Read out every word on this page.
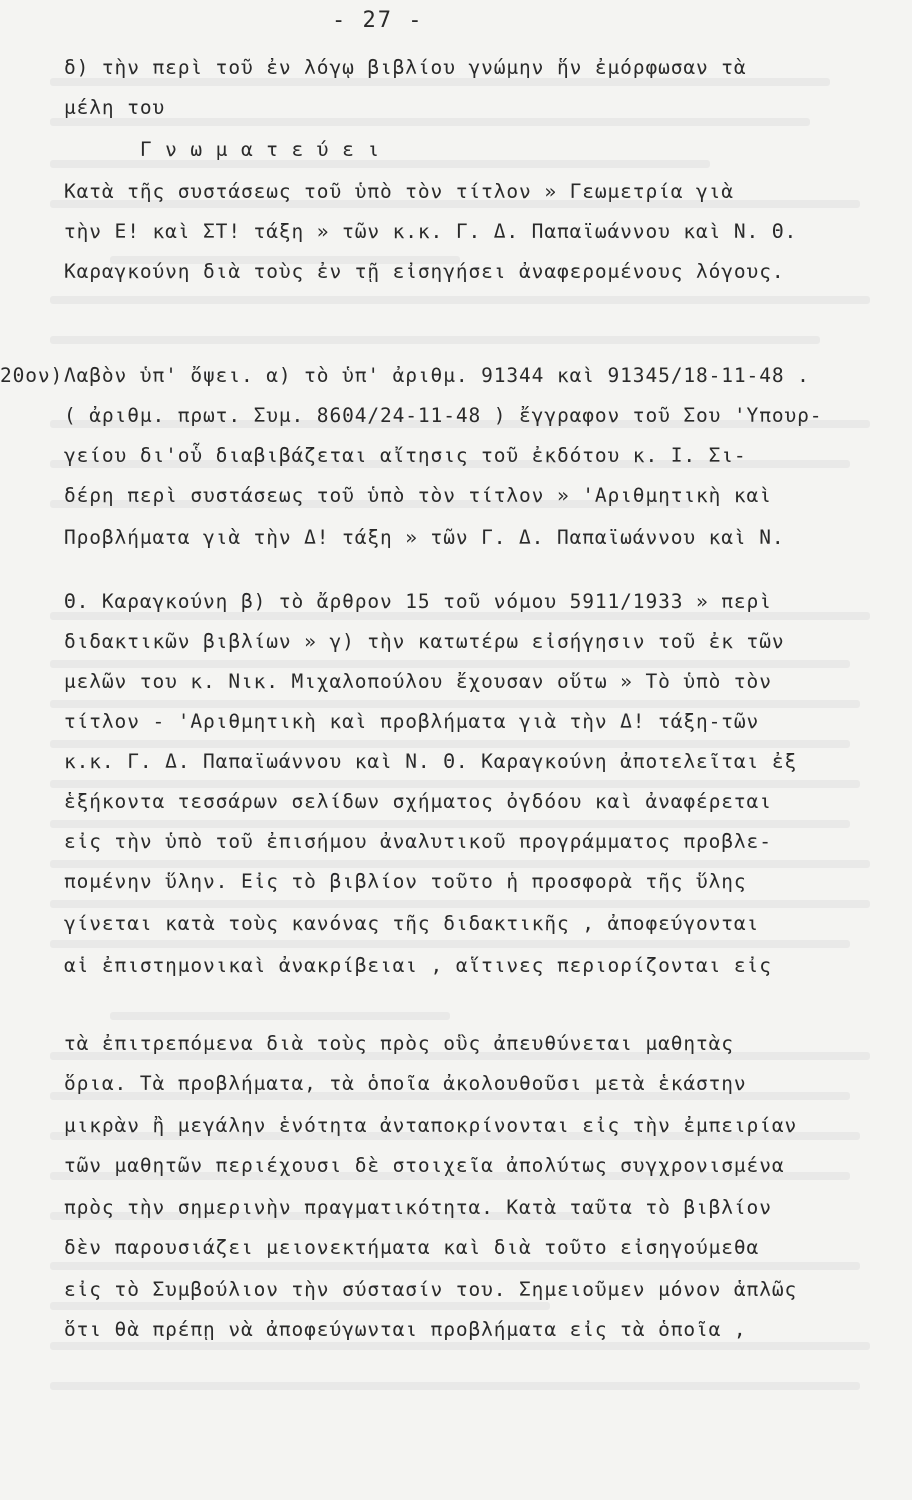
- 27 -
20ον)
δ) τὴν περὶ τοῦ ἐν λόγῳ βιβλίου γνώμην ἥν ἐμόρφωσαν τὰ
μέλη του
Γ ν ω μ α τ ε ύ ε ι
Κατὰ τῆς συστάσεως τοῦ ὑπὸ τὸν τίτλον » Γεωμετρία γιὰ
τὴν Ε! καὶ ΣΤ! τάξη » τῶν κ.κ. Γ. Δ. Παπαϊωάννου καὶ Ν. Θ.
Καραγκούνη διὰ τοὺς ἐν τῇ εἰσηγήσει ἀναφερομένους λόγους.
Λαβὸν ὑπ' ὄψει. α) τὸ ὑπ' ἀριθμ. 91344 καὶ 91345/18-11-48 .
( ἀριθμ. πρωτ. Συμ. 8604/24-11-48 ) ἔγγραφον τοῦ Σου 'Υπουρ-
γείου δι'οὗ διαβιβάζεται αἴτησις τοῦ ἐκδότου κ. Ι. Σι-
δέρη περὶ συστάσεως τοῦ ὑπὸ τὸν τίτλον » 'Αριθμητικὴ καὶ
Προβλήματα γιὰ τὴν Δ! τάξη » τῶν Γ. Δ. Παπαϊωάννου καὶ Ν.
Θ. Καραγκούνη β) τὸ ἄρθρον 15 τοῦ νόμου 5911/1933 » περὶ
διδακτικῶν βιβλίων » γ) τὴν κατωτέρω εἰσήγησιν τοῦ ἐκ τῶν
μελῶν του κ. Νικ. Μιχαλοπούλου ἔχουσαν οὕτω » Τὸ ὑπὸ τὸν
τίτλον - 'Αριθμητικὴ καὶ προβλήματα γιὰ τὴν Δ! τάξη-τῶν
κ.κ. Γ. Δ. Παπαϊωάννου καὶ Ν. Θ. Καραγκούνη ἀποτελεῖται ἐξ
ἑξήκοντα τεσσάρων σελίδων σχήματος ὀγδόου καὶ ἀναφέρεται
εἰς τὴν ὑπὸ τοῦ ἐπισήμου ἀναλυτικοῦ προγράμματος προβλε-
πομένην ὕλην. Εἰς τὸ βιβλίον τοῦτο ἡ προσφορὰ τῆς ὕλης
γίνεται κατὰ τοὺς κανόνας τῆς διδακτικῆς , ἀποφεύγονται
αἱ ἐπιστημονικαὶ ἀνακρίβειαι , αἵτινες περιορίζονται εἰς
τὰ ἐπιτρεπόμενα διὰ τοὺς πρὸς οὓς ἀπευθύνεται μαθητὰς
ὅρια. Τὰ προβλήματα, τὰ ὁποῖα ἀκολουθοῦσι μετὰ ἑκάστην
μικρὰν ἢ μεγάλην ἑνότητα ἀνταποκρίνονται εἰς τὴν ἐμπειρίαν
τῶν μαθητῶν περιέχουσι δὲ στοιχεῖα ἀπολύτως συγχρονισμένα
πρὸς τὴν σημερινὴν πραγματικότητα. Κατὰ ταῦτα τὸ βιβλίον
δὲν παρουσιάζει μειονεκτήματα καὶ διὰ τοῦτο εἰσηγούμεθα
εἰς τὸ Συμβούλιον τὴν σύστασίν του. Σημειοῦμεν μόνον ἁπλῶς
ὅτι θὰ πρέπῃ νὰ ἀποφεύγωνται προβλήματα εἰς τὰ ὁποῖα ,
